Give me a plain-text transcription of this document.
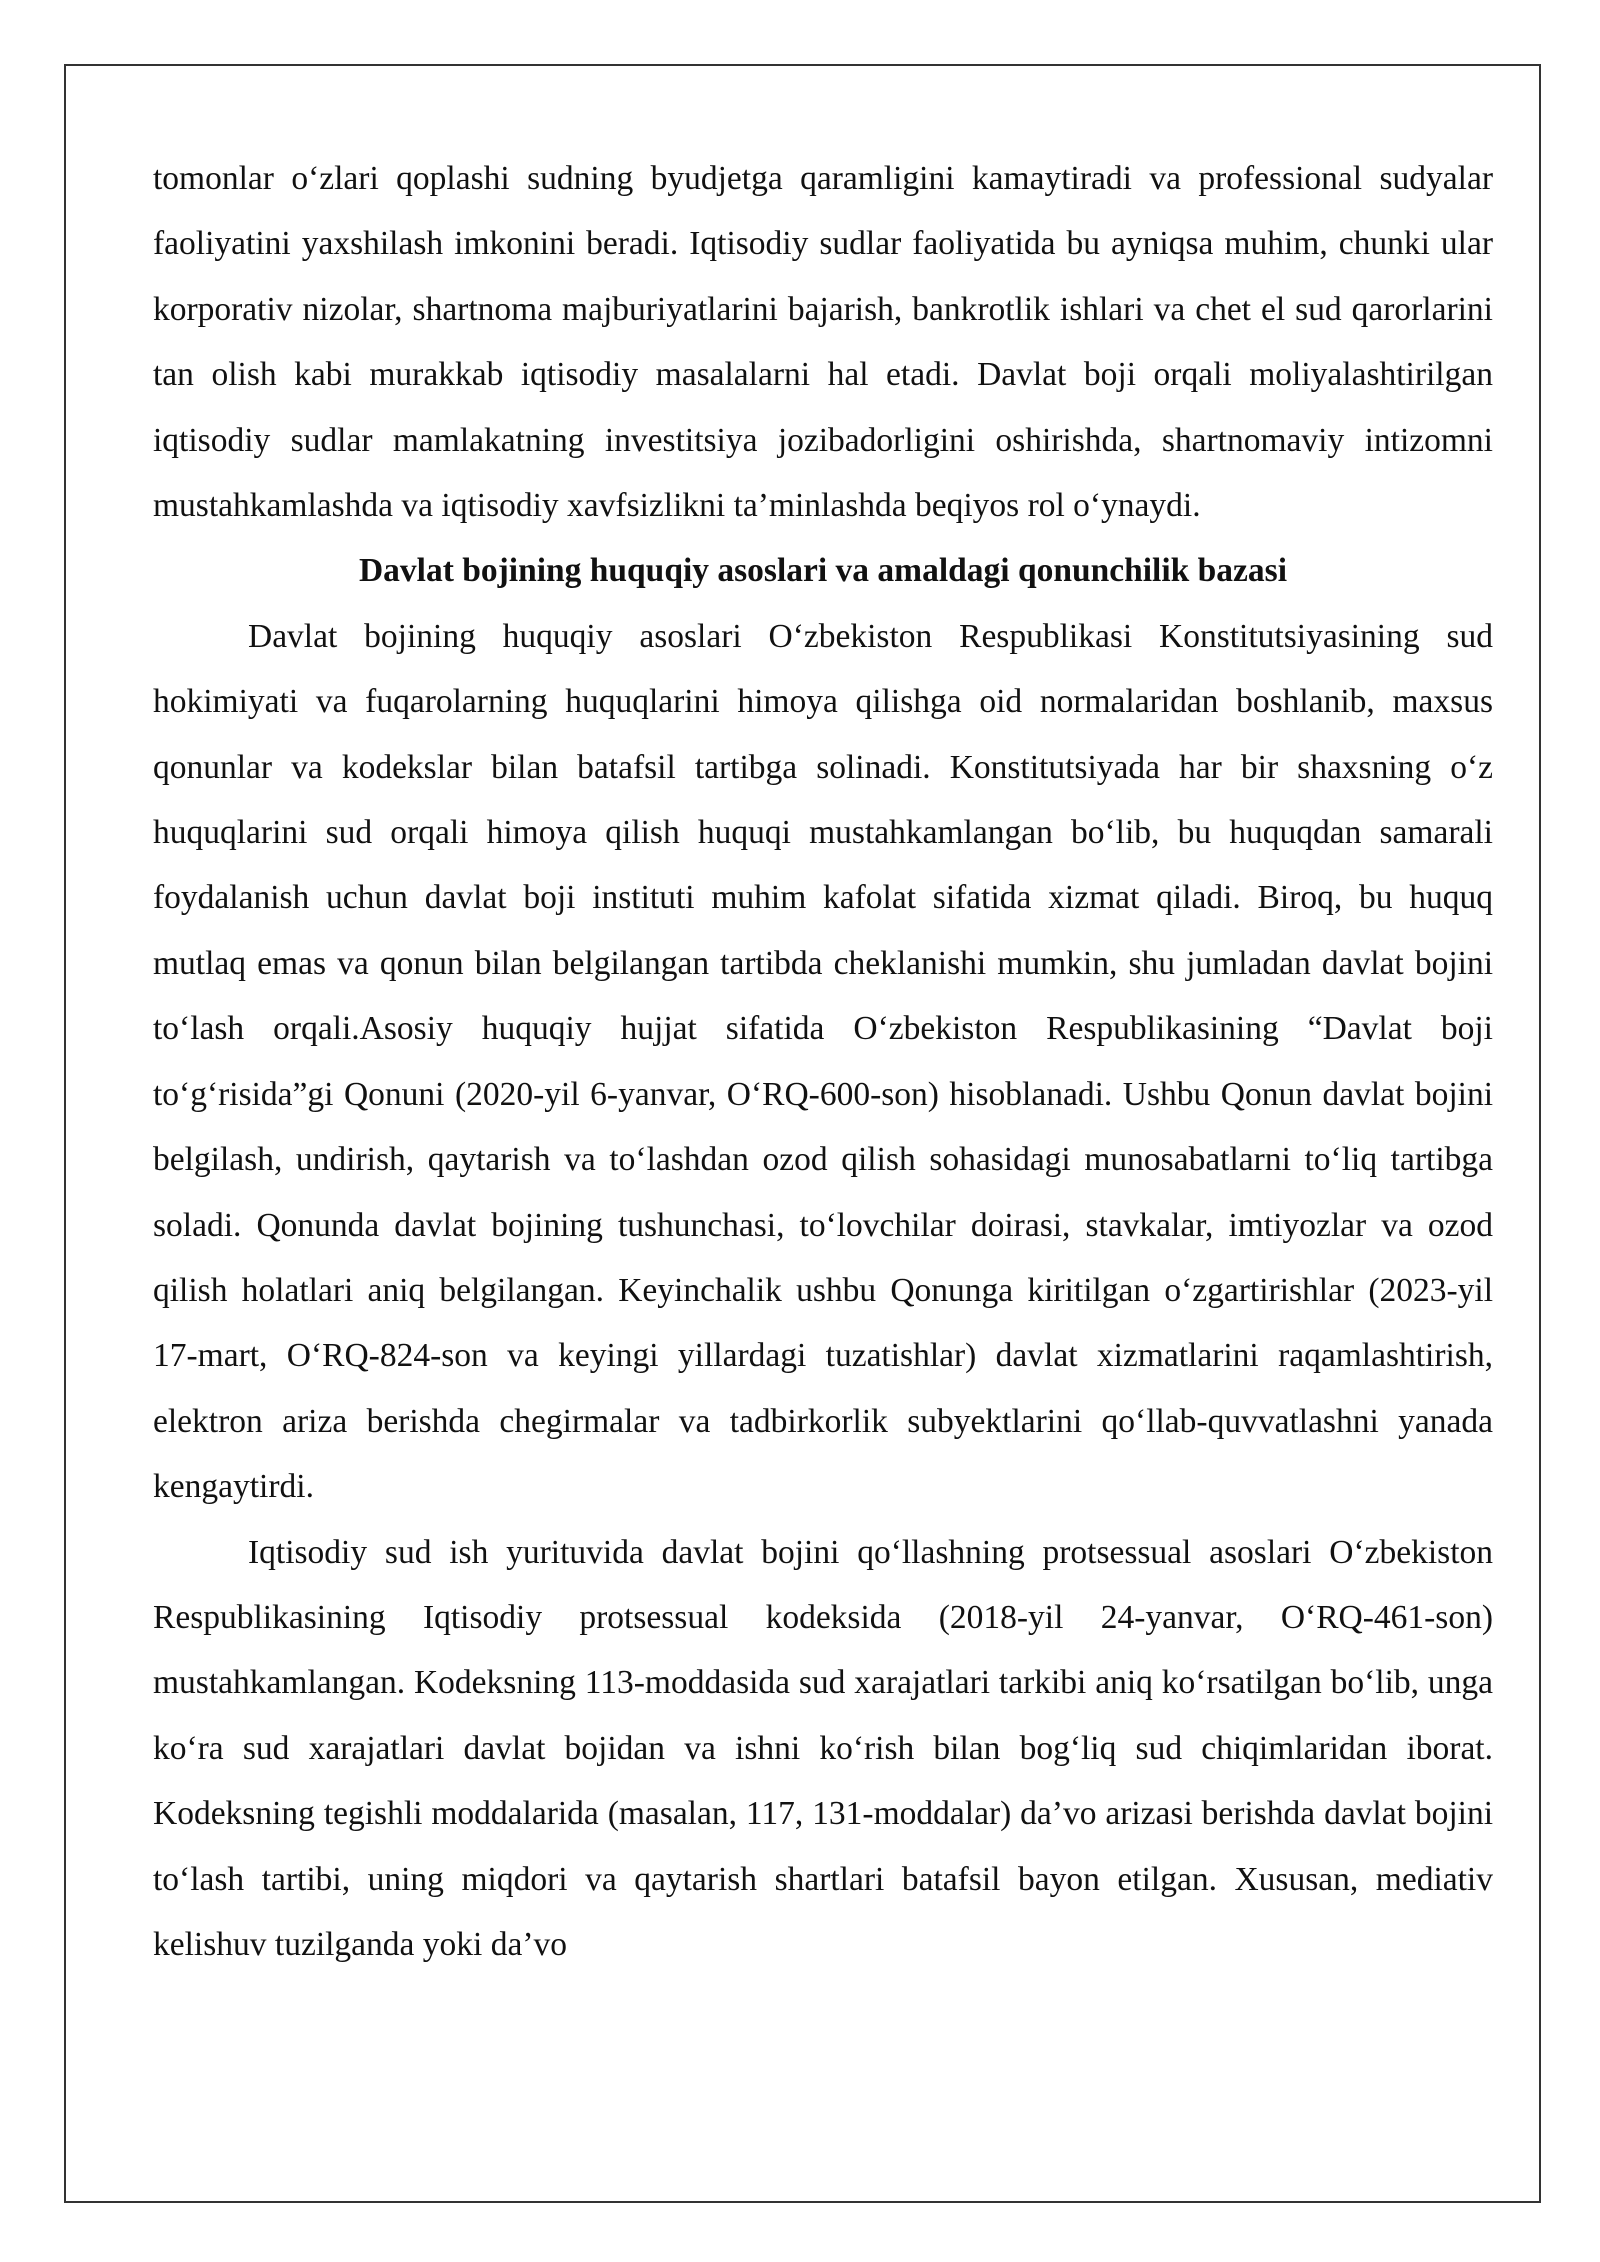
tomonlar o‘zlari qoplashi sudning byudjetga qaramligini kamaytiradi va professional sudyalar faoliyatini yaxshilash imkonini beradi. Iqtisodiy sudlar faoliyatida bu ayniqsa muhim, chunki ular korporativ nizolar, shartnoma majburiyatlarini bajarish, bankrotlik ishlari va chet el sud qarorlarini tan olish kabi murakkab iqtisodiy masalalarni hal etadi. Davlat boji orqali moliyalashtirilgan iqtisodiy sudlar mamlakatning investitsiya jozibadorligini oshirishda, shartnomaviy intizomni mustahkamlashda va iqtisodiy xavfsizlikni ta’minlashda beqiyos rol o‘ynaydi.

Davlat bojining huquqiy asoslari va amaldagi qonunchilik bazasi

Davlat bojining huquqiy asoslari O‘zbekiston Respublikasi Konstitutsiyasining sud hokimiyati va fuqarolarning huquqlarini himoya qilishga oid normalaridan boshlanib, maxsus qonunlar va kodekslar bilan batafsil tartibga solinadi. Konstitutsiyada har bir shaxsning o‘z huquqlarini sud orqali himoya qilish huquqi mustahkamlangan bo‘lib, bu huquqdan samarali foydalanish uchun davlat boji instituti muhim kafolat sifatida xizmat qiladi. Biroq, bu huquq mutlaq emas va qonun bilan belgilangan tartibda cheklanishi mumkin, shu jumladan davlat bojini to‘lash orqali.Asosiy huquqiy hujjat sifatida O‘zbekiston Respublikasining “Davlat boji to‘g‘risida”gi Qonuni (2020-yil 6-yanvar, O‘RQ-600-son) hisoblanadi. Ushbu Qonun davlat bojini belgilash, undirish, qaytarish va to‘lashdan ozod qilish sohasidagi munosabatlarni to‘liq tartibga soladi. Qonunda davlat bojining tushunchasi, to‘lovchilar doirasi, stavkalar, imtiyozlar va ozod qilish holatlari aniq belgilangan. Keyinchalik ushbu Qonunga kiritilgan o‘zgartirishlar (2023-yil 17-mart, O‘RQ-824-son va keyingi yillardagi tuzatishlar) davlat xizmatlarini raqamlashtirish, elektron ariza berishda chegirmalar va tadbirkorlik subyektlarini qo‘llab-quvvatlashni yanada kengaytirdi.

Iqtisodiy sud ish yurituvida davlat bojini qo‘llashning protsessual asoslari O‘zbekiston Respublikasining Iqtisodiy protsessual kodeksida (2018-yil 24-yanvar, O‘RQ-461-son) mustahkamlangan. Kodeksning 113-moddasida sud xarajatlari tarkibi aniq ko‘rsatilgan bo‘lib, unga ko‘ra sud xarajatlari davlat bojidan va ishni ko‘rish bilan bog‘liq sud chiqimlaridan iborat. Kodeksning tegishli moddalarida (masalan, 117, 131-moddalar) da’vo arizasi berishda davlat bojini to‘lash tartibi, uning miqdori va qaytarish shartlari batafsil bayon etilgan. Xususan, mediativ kelishuv tuzilganda yoki da’vo
